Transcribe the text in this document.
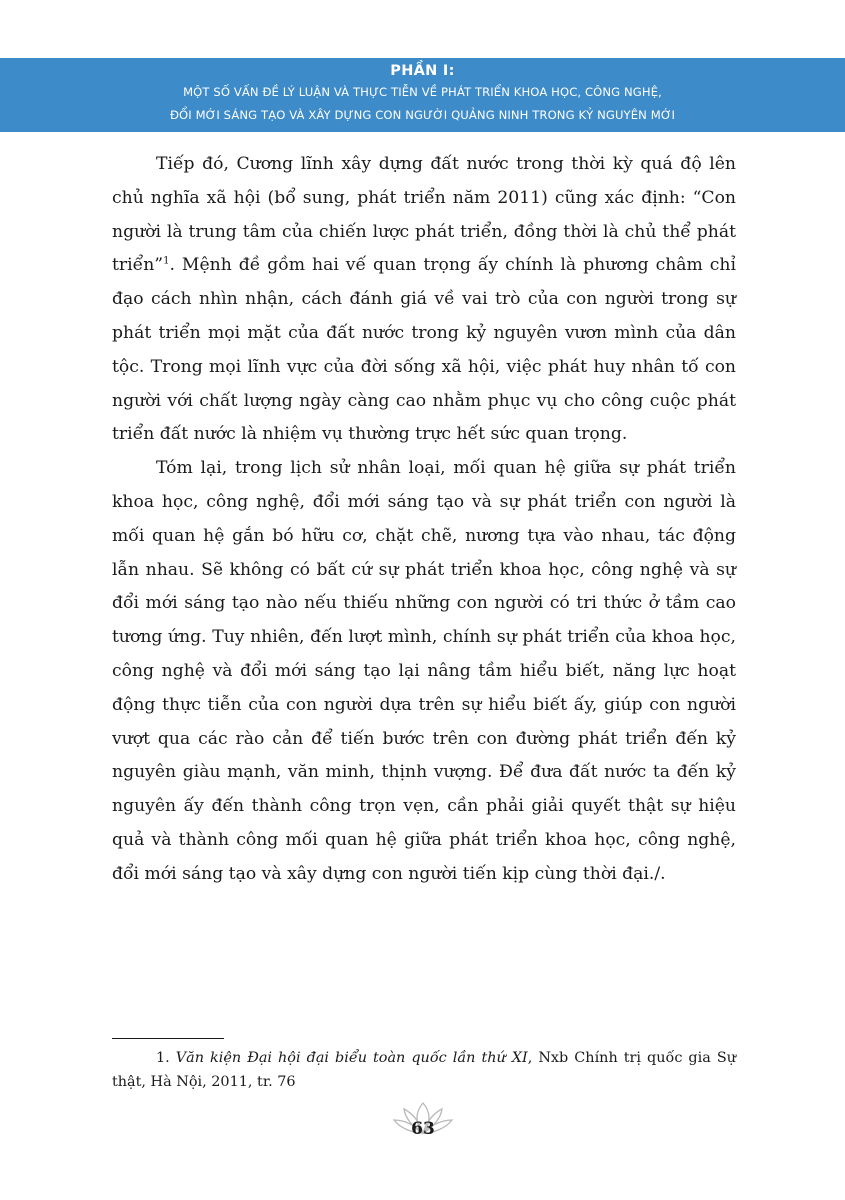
PHẦN I:
MỘT SỐ VẤN ĐỀ LÝ LUẬN VÀ THỰC TIỄN VỀ PHÁT TRIỂN KHOA HỌC, CÔNG NGHỆ,
ĐỔI MỚI SÁNG TẠO VÀ XÂY DỰNG CON NGƯỜI QUẢNG NINH TRONG KỶ NGUYÊN MỚI

Tiếp đó, Cương lĩnh xây dựng đất nước trong thời kỳ quá độ lên chủ nghĩa xã hội (bổ sung, phát triển năm 2011) cũng xác định: “Con người là trung tâm của chiến lược phát triển, đồng thời là chủ thể phát triển”$^1$. Mệnh đề gồm hai vế quan trọng ấy chính là phương châm chỉ đạo cách nhìn nhận, cách đánh giá về vai trò của con người trong sự phát triển mọi mặt của đất nước trong kỷ nguyên vươn mình của dân tộc. Trong mọi lĩnh vực của đời sống xã hội, việc phát huy nhân tố con người với chất lượng ngày càng cao nhằm phục vụ cho công cuộc phát triển đất nước là nhiệm vụ thường trực hết sức quan trọng.

Tóm lại, trong lịch sử nhân loại, mối quan hệ giữa sự phát triển khoa học, công nghệ, đổi mới sáng tạo và sự phát triển con người là mối quan hệ gắn bó hữu cơ, chặt chẽ, nương tựa vào nhau, tác động lẫn nhau. Sẽ không có bất cứ sự phát triển khoa học, công nghệ và sự đổi mới sáng tạo nào nếu thiếu những con người có tri thức ở tầm cao tương ứng. Tuy nhiên, đến lượt mình, chính sự phát triển của khoa học, công nghệ và đổi mới sáng tạo lại nâng tầm hiểu biết, năng lực hoạt động thực tiễn của con người dựa trên sự hiểu biết ấy, giúp con người vượt qua các rào cản để tiến bước trên con đường phát triển đến kỷ nguyên giàu mạnh, văn minh, thịnh vượng. Để đưa đất nước ta đến kỷ nguyên ấy đến thành công trọn vẹn, cần phải giải quyết thật sự hiệu quả và thành công mối quan hệ giữa phát triển khoa học, công nghệ, đổi mới sáng tạo và xây dựng con người tiến kịp cùng thời đại./.

1. Văn kiện Đại hội đại biểu toàn quốc lần thứ XI, Nxb Chính trị quốc gia Sự thật, Hà Nội, 2011, tr. 76
63
